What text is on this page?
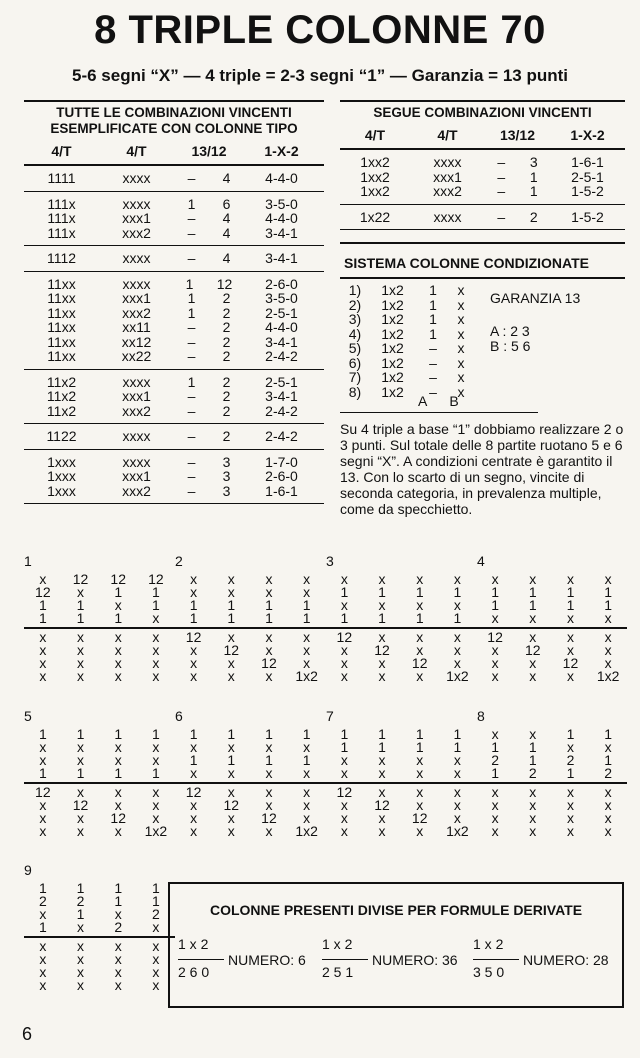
8 TRIPLE COLONNE 70
5-6 segni “X” — 4 triple = 2-3 segni “1” — Garanzia = 13 punti
TUTTE LE COMBINAZIONI VINCENTI ESEMPLIFICATE CON COLONNE TIPO
4/T	4/T	13/12	1-X-2
1111	xxxx	– 4	4-4-0
111x	xxxx	1 6	3-5-0
111x	xxx1	– 4	4-4-0
111x	xxx2	– 4	3-4-1
1112	xxxx	– 4	3-4-1
11xx	xxxx	1 12	2-6-0
11xx	xxx1	1 2	3-5-0
11xx	xxx2	1 2	2-5-1
11xx	xx11	– 2	4-4-0
11xx	xx12	– 2	3-4-1
11xx	xx22	– 2	2-4-2
11x2	xxxx	1 2	2-5-1
11x2	xxx1	– 2	3-4-1
11x2	xxx2	– 2	2-4-2
1122	xxxx	– 2	2-4-2
1xxx	xxxx	– 3	1-7-0
1xxx	xxx1	– 3	2-6-0
1xxx	xxx2	– 3	1-6-1
SEGUE COMBINAZIONI VINCENTI
4/T	4/T	13/12	1-X-2
1xx2	xxxx	– 3	1-6-1
1xx2	xxx1	– 1	2-5-1
1xx2	xxx2	– 1	1-5-2
1x22	xxxx	– 2	1-5-2
SISTEMA COLONNE CONDIZIONATE
1)	1x2	1	x
2)	1x2	1	x
3)	1x2	1	x
4)	1x2	1	x
5)	1x2	–	x
6)	1x2	–	x
7)	1x2	–	x
8)	1x2	–	x
GARANZIA 13
A : 2 3
B : 5 6
A B
Su 4 triple a base “1” dobbiamo realizzare 2 o 3 punti. Sul totale delle 8 partite ruotano 5 e 6 segni “X”. A condizioni centrate è garantito il 13. Con lo scarto di un segno, vincite di seconda categoria, in prevalenza multiple, come da specchietto.
1	2	3	4
x	12	12	12	x	x	x	x	x	x	x	x	x	x	x	x
12	x	1	1	x	x	x	x	1	1	1	1	1	1	1	1
1	1	x	1	1	1	1	1	x	x	x	x	1	1	1	1
1	1	1	x	1	1	1	1	1	1	1	1	x	x	x	x
x	x	x	x	12	x	x	x	12	x	x	x	12	x	x	x
x	x	x	x	x	12	x	x	x	12	x	x	x	12	x	x
x	x	x	x	x	x	12	x	x	x	12	x	x	x	12	x
x	x	x	x	x	x	x	1x2	x	x	x	1x2	x	x	x	1x2
5	6	7	8
1	1	1	1	1	1	1	1	1	1	1	1	x	x	1	1
x	x	x	x	x	x	x	x	1	1	1	1	1	1	x	x
x	x	x	x	1	1	1	1	x	x	x	x	2	1	2	1
1	1	1	1	x	x	x	x	x	x	x	x	1	2	1	2
12	x	x	x	12	x	x	x	12	x	x	x	x	x	x	x
x	12	x	x	x	12	x	x	x	12	x	x	x	x	x	x
x	x	12	x	x	x	12	x	x	x	12	x	x	x	x	x
x	x	x	1x2	x	x	x	1x2	x	x	x	1x2	x	x	x	x
9
1	1	1	1
2	2	1	1
x	1	x	2
1	x	2	x
x	x	x	x
x	x	x	x
x	x	x	x
x	x	x	x
COLONNE PRESENTI DIVISE PER FORMULE DERIVATE
1 x 2
2 6 0
NUMERO: 6
1 x 2
2 5 1
NUMERO: 36
1 x 2
3 5 0
NUMERO: 28
6
